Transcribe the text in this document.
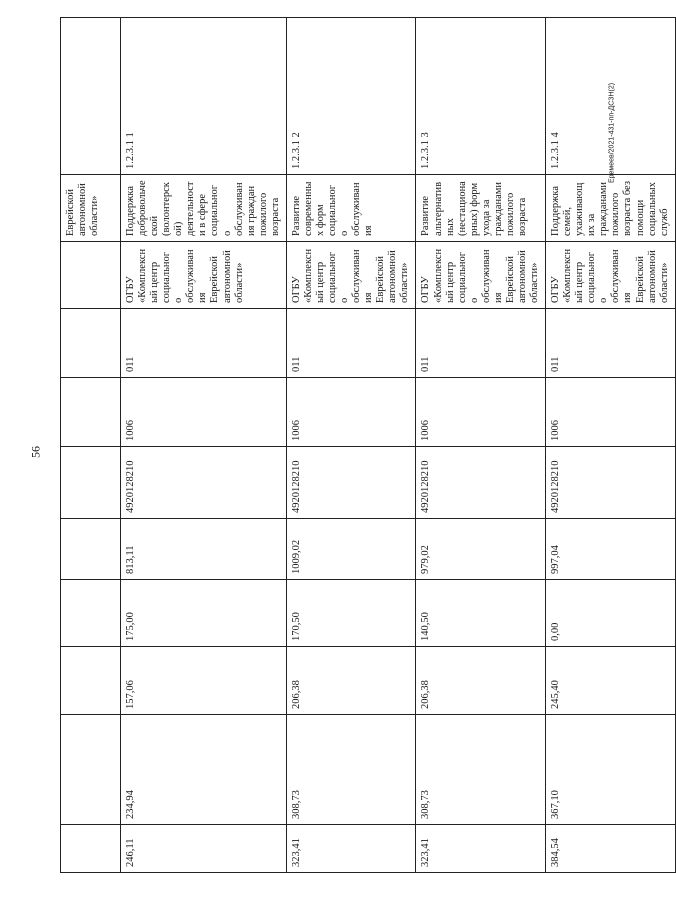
56
Еремеев/2021-431-пп-ДСЗН(2)
									Еврейской автономной области»	
246,11	234,94	157,06	175,00	813,11	4920128210	1006	011	ОГБУ «Комплексный центр социального обслуживания Еврейской автономной области»	Поддержка добровольческой (волонтерской) деятельности в сфере социального обслуживания граждан пожилого возраста	1.2.3.1 1
323,41	308,73	206,38	170,50	1009,02	4920128210	1006	011	ОГБУ «Комплексный центр социального обслуживания Еврейской автономной области»	Развитие современных форм социального обслуживания	1.2.3.1 2
323,41	308,73	206,38	140,50	979,02	4920128210	1006	011	ОГБУ «Комплексный центр социального обслуживания Еврейской автономной области»	Развитие альтернативных (нестационарных) форм ухода за гражданами пожилого возраста	1.2.3.1 3
384,54	367,10	245,40	0,00	997,04	4920128210	1006	011	ОГБУ «Комплексный центр социального обслуживания Еврейской автономной области»	Поддержка семей, ухаживающих за гражданами пожилого возраста без помощи социальных служб	1.2.3.1 4
